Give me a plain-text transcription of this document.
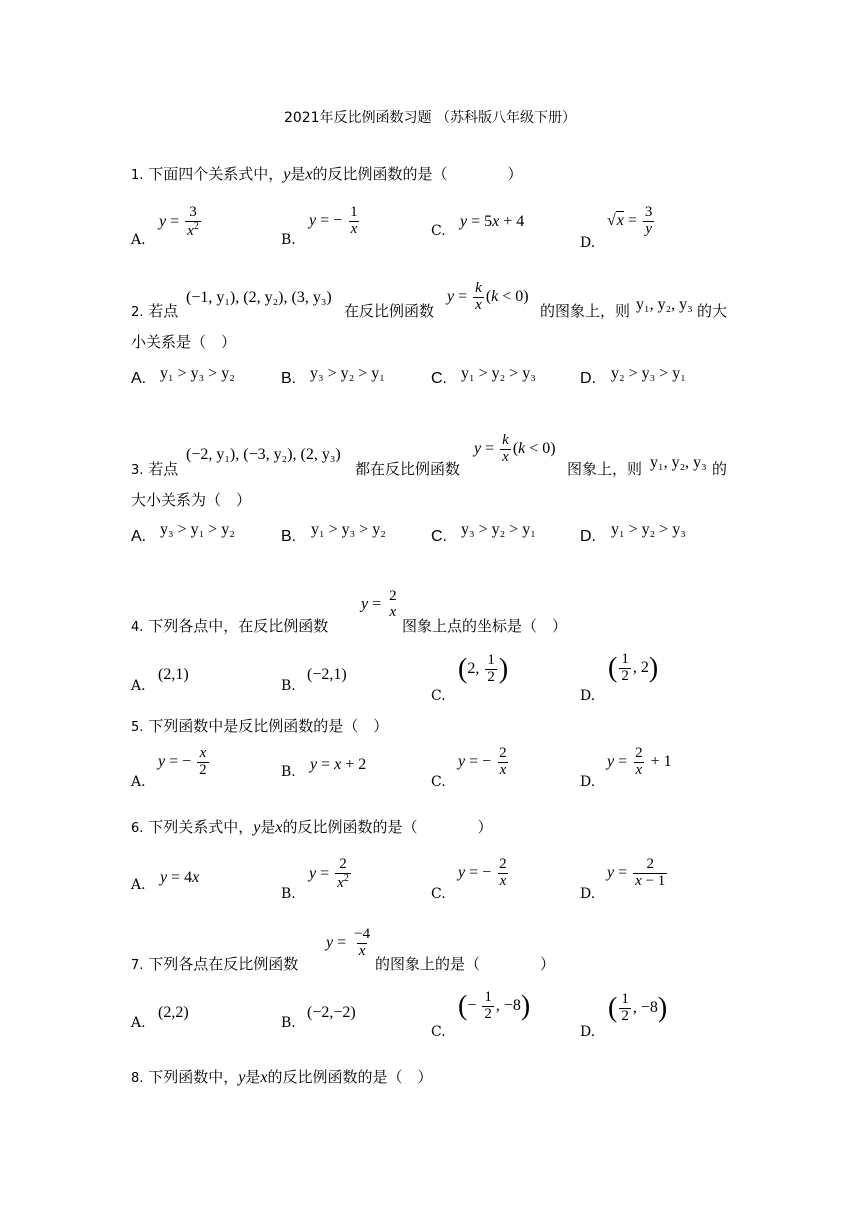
2021年反比例函数习题 （苏科版八年级下册）
1. 下面四个关系式中，y是x的反比例函数的是（　　　　）
A.
$y = \frac{3}{x^2}$
B.
y = − $\frac{1}{x}$	C.
y = 5x + 4
D.
$√x = \frac{3}{y}$
2. 若点
(−1, y₁), (2, y₂), (3, y₃)
在反比例函数
$y = \frac{k}{x} (k < 0)$
的图象上，则 y₁, y₂, y₃ 的大
小关系是（　）
A. y₁ > y₃ > y₂	B. y₃ > y₂ > y₁	C. y₁ > y₂ > y₃	D. y₂ > y₃ > y₁
3. 若点
(−2, y₁), (−3, y₂), (2, y₃)
都在反比例函数
$y = \frac{k}{x} (k < 0)$
图象上，则 y₁, y₂, y₃ 的
大小关系为（　）
A. y₃ > y₁ > y₂	B. y₁ > y₃ > y₂	C. y₃ > y₂ > y₁	D. y₁ > y₂ > y₃
4. 下列各点中，在反比例函数
y = 2
x
图象上点的坐标是（　）
A.
(2,1)
B.
(−2,1)
C.
(2, $\frac{1}{2}$ )
D.
( $\frac{1}{2}$ , 2)
5. 下列函数中是反比例函数的是（　）
A.
y = − $\frac{x}{2}$	B. y = x + 2
C.
y = − $\frac{2}{x}$
D.
$y = \frac{2}{x} + 1$
6. 下列关系式中，y是x的反比例函数的是（　　　　）
A. y = 4x
B.
$y = \frac{2}{x^2}$
C.
y = − $\frac{2}{x}$
D.
$y = \frac{2}{x - 1}$
7. 下列各点在反比例函数
$y = \frac{-4}{x}$
的图象上的是（　　　　）
A.
(2,2)
B.
(−2,−2)
C.
(− $\frac{1}{2}$ , −8)
D.
( $\frac{1}{2}$ , −8)
8. 下列函数中，y是x的反比例函数的是（　）
